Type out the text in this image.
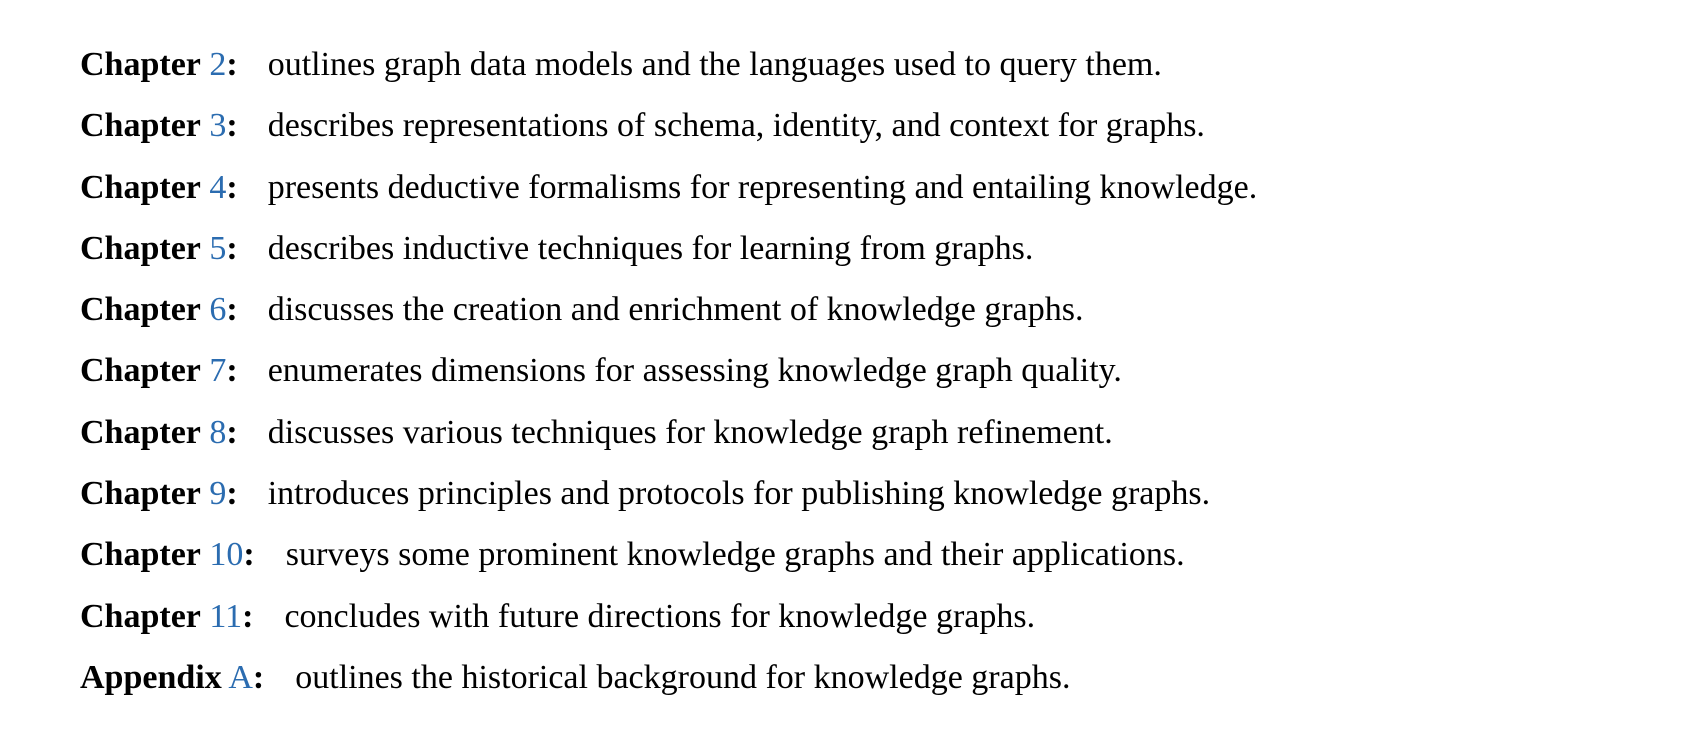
Chapter 2: outlines graph data models and the languages used to query them.
Chapter 3: describes representations of schema, identity, and context for graphs.
Chapter 4: presents deductive formalisms for representing and entailing knowledge.
Chapter 5: describes inductive techniques for learning from graphs.
Chapter 6: discusses the creation and enrichment of knowledge graphs.
Chapter 7: enumerates dimensions for assessing knowledge graph quality.
Chapter 8: discusses various techniques for knowledge graph refinement.
Chapter 9: introduces principles and protocols for publishing knowledge graphs.
Chapter 10: surveys some prominent knowledge graphs and their applications.
Chapter 11: concludes with future directions for knowledge graphs.
Appendix A: outlines the historical background for knowledge graphs.
